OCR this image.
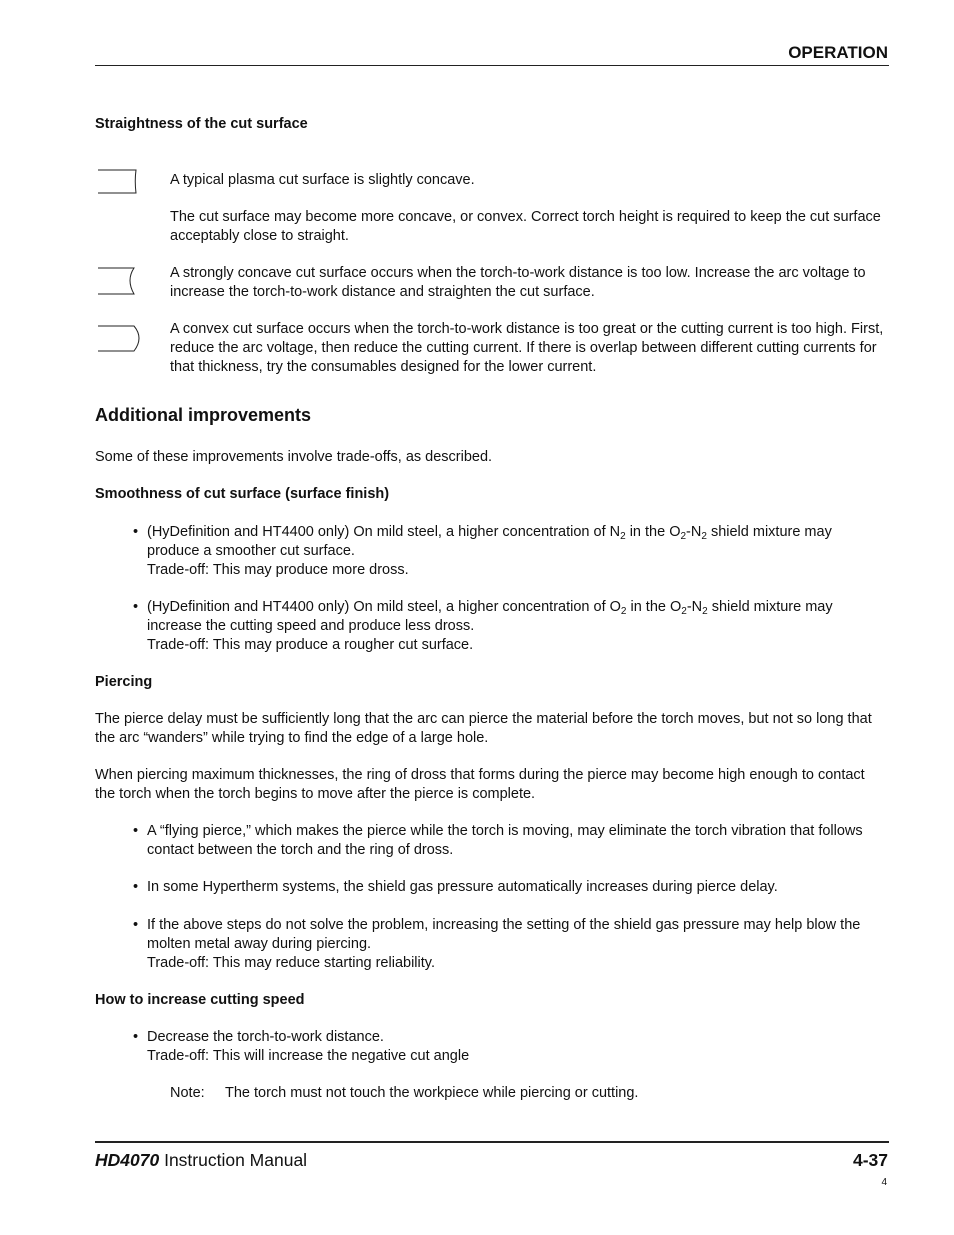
OPERATION
Straightness of the cut surface

A typical plasma cut surface is slightly concave.

The cut surface may become more concave, or convex. Correct torch height is required to keep the cut surface acceptably close to straight.

A strongly concave cut surface occurs when the torch-to-work distance is too low. Increase the arc voltage to increase the torch-to-work distance and straighten the cut surface.

A convex cut surface occurs when the torch-to-work distance is too great or the cutting current is too high. First, reduce the arc voltage, then reduce the cutting current. If there is overlap between different cutting currents for that thickness, try the consumables designed for the lower current.

Additional improvements

Some of these improvements involve trade-offs, as described.

Smoothness of cut surface (surface finish)
• (HyDefinition and HT4400 only) On mild steel, a higher concentration of $N_2$ in the $O_2-N_2$ shield mixture may
produce a smoother cut surface.
Trade-off: This may produce more dross.
• (HyDefinition and HT4400 only) On mild steel, a higher concentration of $O_2$ in the $O_2-N_2$ shield mixture may
increase the cutting speed and produce less dross.
Trade-off: This may produce a rougher cut surface.
Piercing

The pierce delay must be sufficiently long that the arc can pierce the material before the torch moves, but not so long that the arc “wanders” while trying to find the edge of a large hole.

When piercing maximum thicknesses, the ring of dross that forms during the pierce may become high enough to contact the torch when the torch begins to move after the pierce is complete.

• A “flying pierce,” which makes the pierce while the torch is moving, may eliminate the torch vibration that follows contact between the torch and the ring of dross.

• In some Hypertherm systems, the shield gas pressure automatically increases during pierce delay.

• If the above steps do not solve the problem, increasing the setting of the shield gas pressure may help blow the molten metal away during piercing.
Trade-off: This may reduce starting reliability.
How to increase cutting speed
• Decrease the torch-to-work distance.
Trade-off: This will increase the negative cut angle
Note: The torch must not touch the workpiece while piercing or cutting.
HD4070 Instruction Manual	4-37
4
